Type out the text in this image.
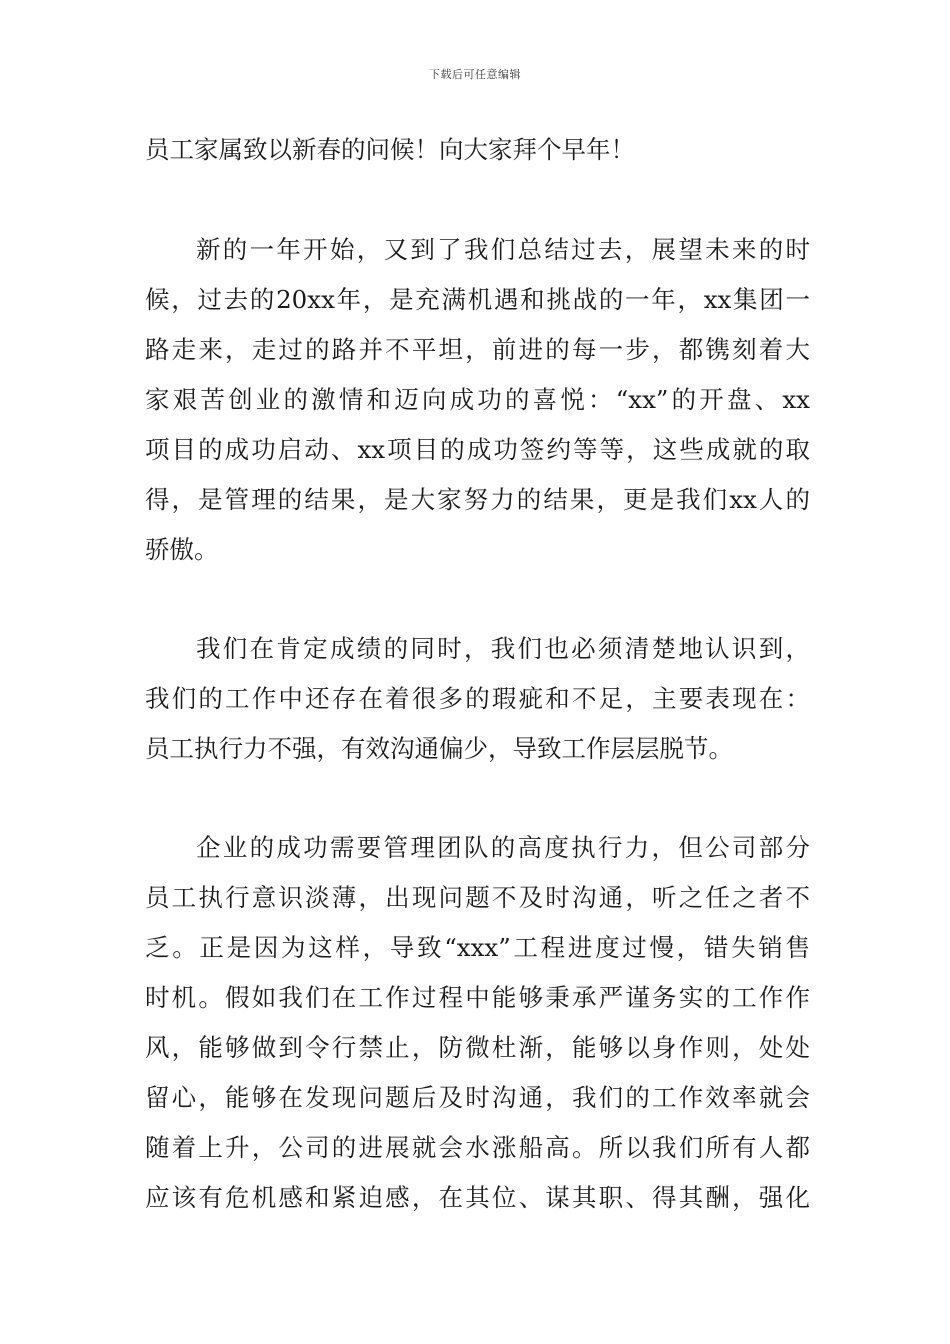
下载后可任意编辑
员工家属致以新春的问候！向大家拜个早年！
新的一年开始，又到了我们总结过去，展望未来的时
候，过去的20xx年，是充满机遇和挑战的一年，xx集团一
路走来，走过的路并不平坦，前进的每一步，都镌刻着大
家艰苦创业的激情和迈向成功的喜悦：“xx”的开盘、xx
项目的成功启动、xx项目的成功签约等等，这些成就的取
得，是管理的结果，是大家努力的结果，更是我们xx人的
骄傲。
我们在肯定成绩的同时，我们也必须清楚地认识到，
我们的工作中还存在着很多的瑕疵和不足，主要表现在：
员工执行力不强，有效沟通偏少，导致工作层层脱节。
企业的成功需要管理团队的高度执行力，但公司部分
员工执行意识淡薄，出现问题不及时沟通，听之任之者不
乏。正是因为这样，导致“xxx”工程进度过慢，错失销售
时机。假如我们在工作过程中能够秉承严谨务实的工作作
风，能够做到令行禁止，防微杜渐，能够以身作则，处处
留心，能够在发现问题后及时沟通，我们的工作效率就会
随着上升，公司的进展就会水涨船高。所以我们所有人都
应该有危机感和紧迫感，在其位、谋其职、得其酬，强化
